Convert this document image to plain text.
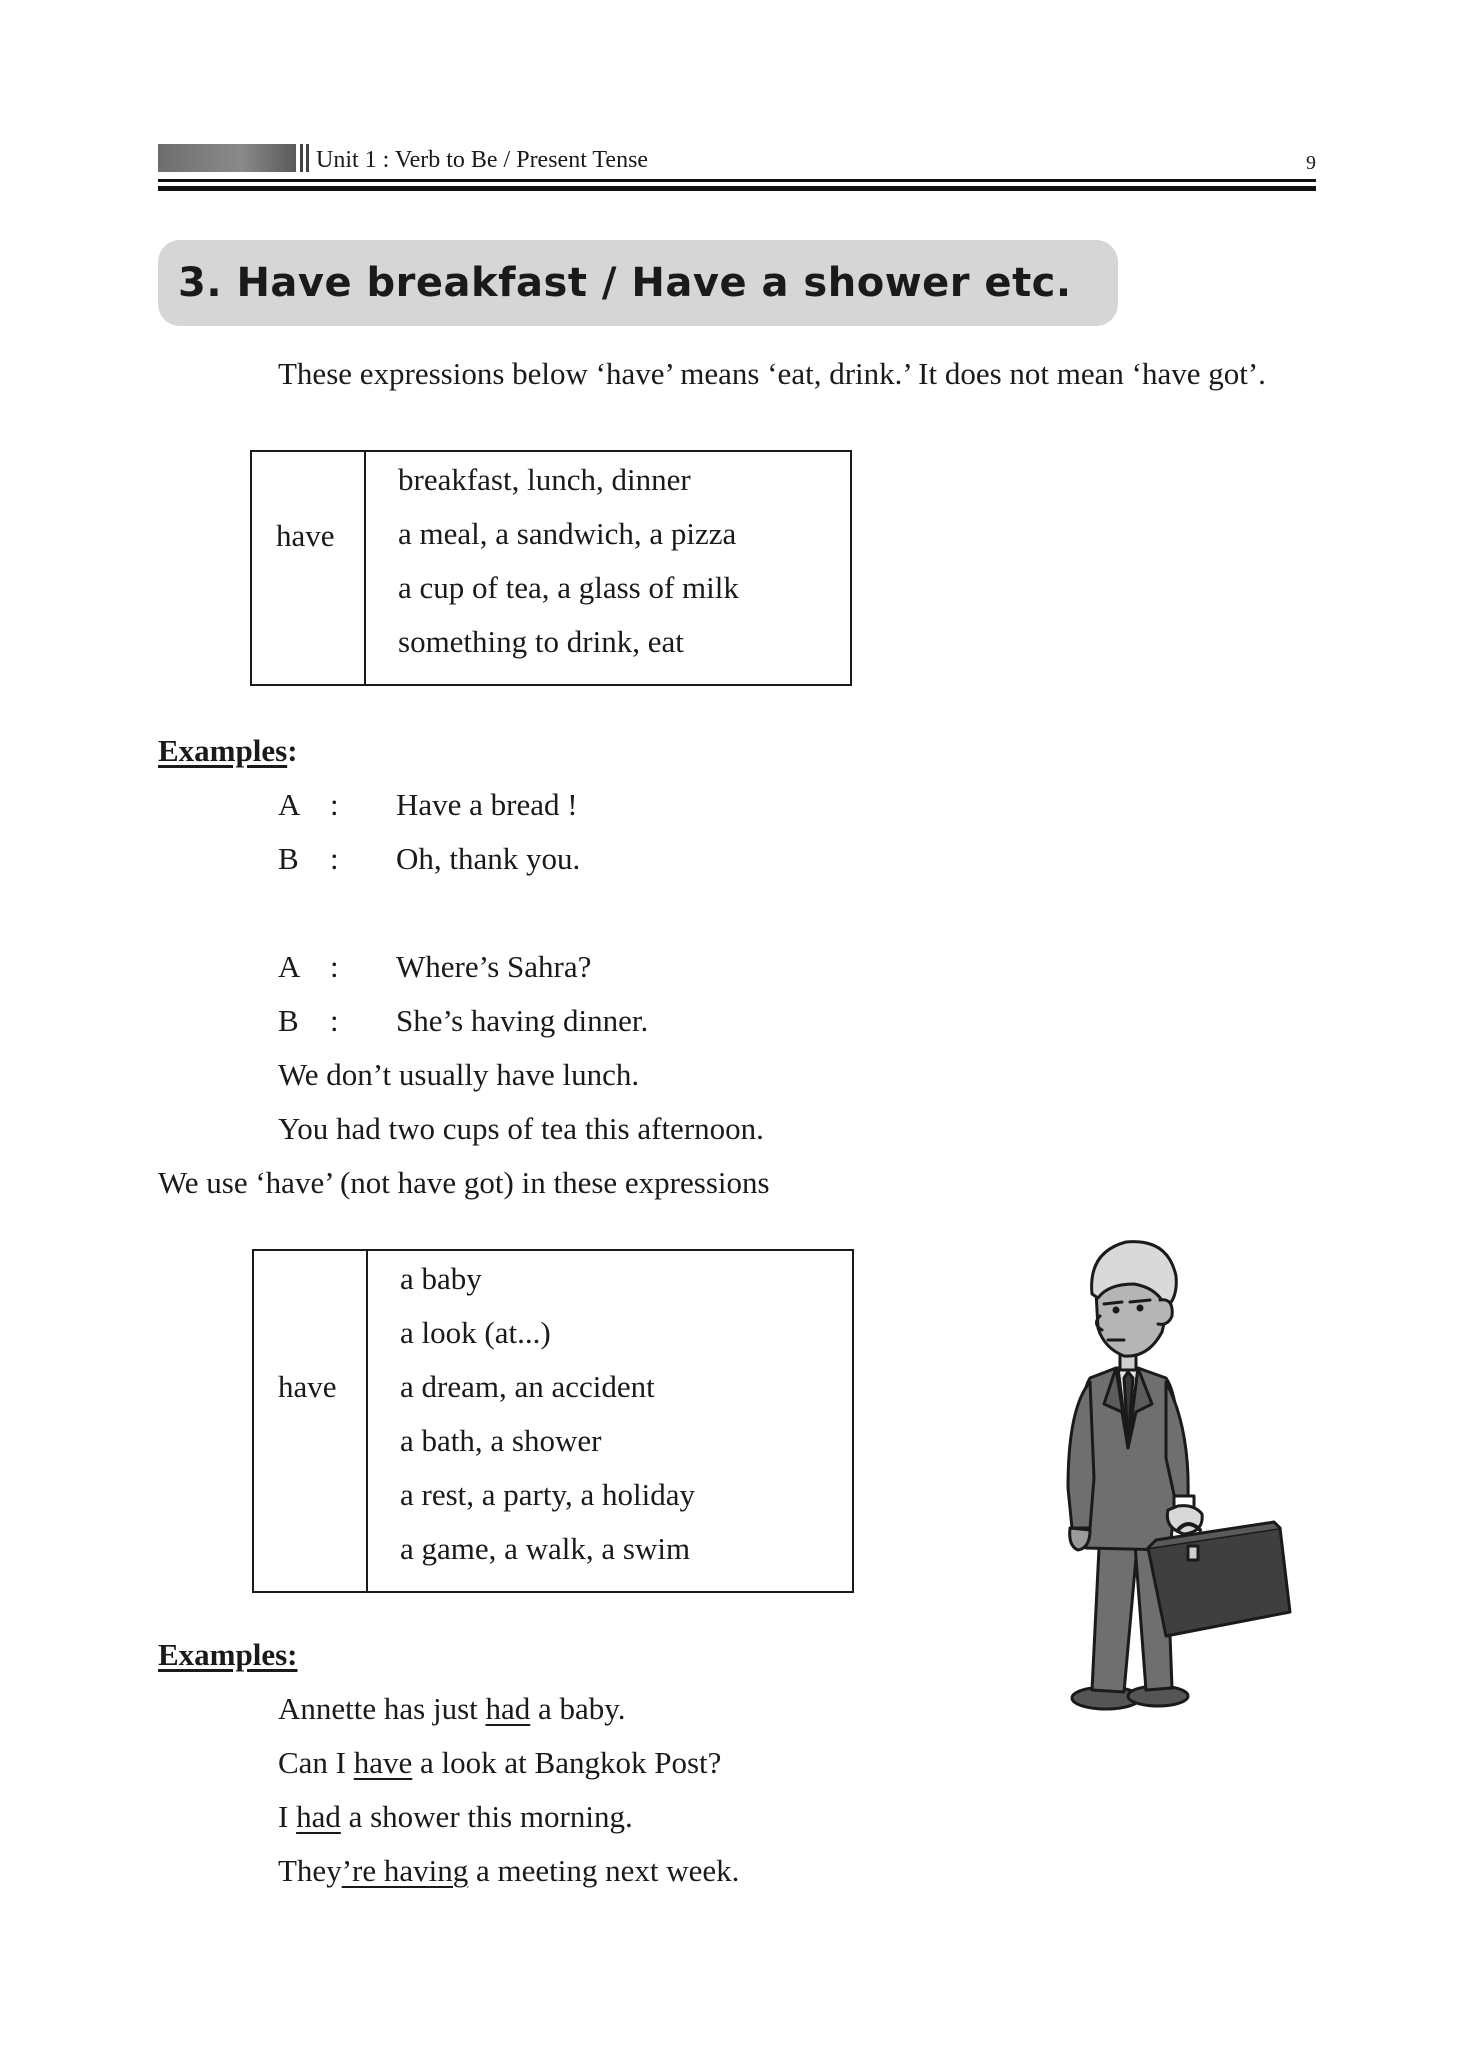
Unit 1 : Verb to Be / Present Tense	9
3. Have breakfast / Have a shower etc.
These expressions below ‘have’ means ‘eat, drink.’ It does not mean ‘have got’.
have
breakfast, lunch, dinner
a meal, a sandwich, a pizza
a cup of tea, a glass of milk
something to drink, eat
Examples:
A : Have a bread !
B : Oh, thank you.
A : Where’s Sahra?
B : She’s having dinner.
We don’t usually have lunch.
You had two cups of tea this afternoon.
We use ‘have’ (not have got) in these expressions
have
a baby
a look (at...)
a dream, an accident
a bath, a shower
a rest, a party, a holiday
a game, a walk, a swim
Examples:
Annette has just had a baby.
Can I have a look at Bangkok Post?
I had a shower this morning.
They’re having a meeting next week.
